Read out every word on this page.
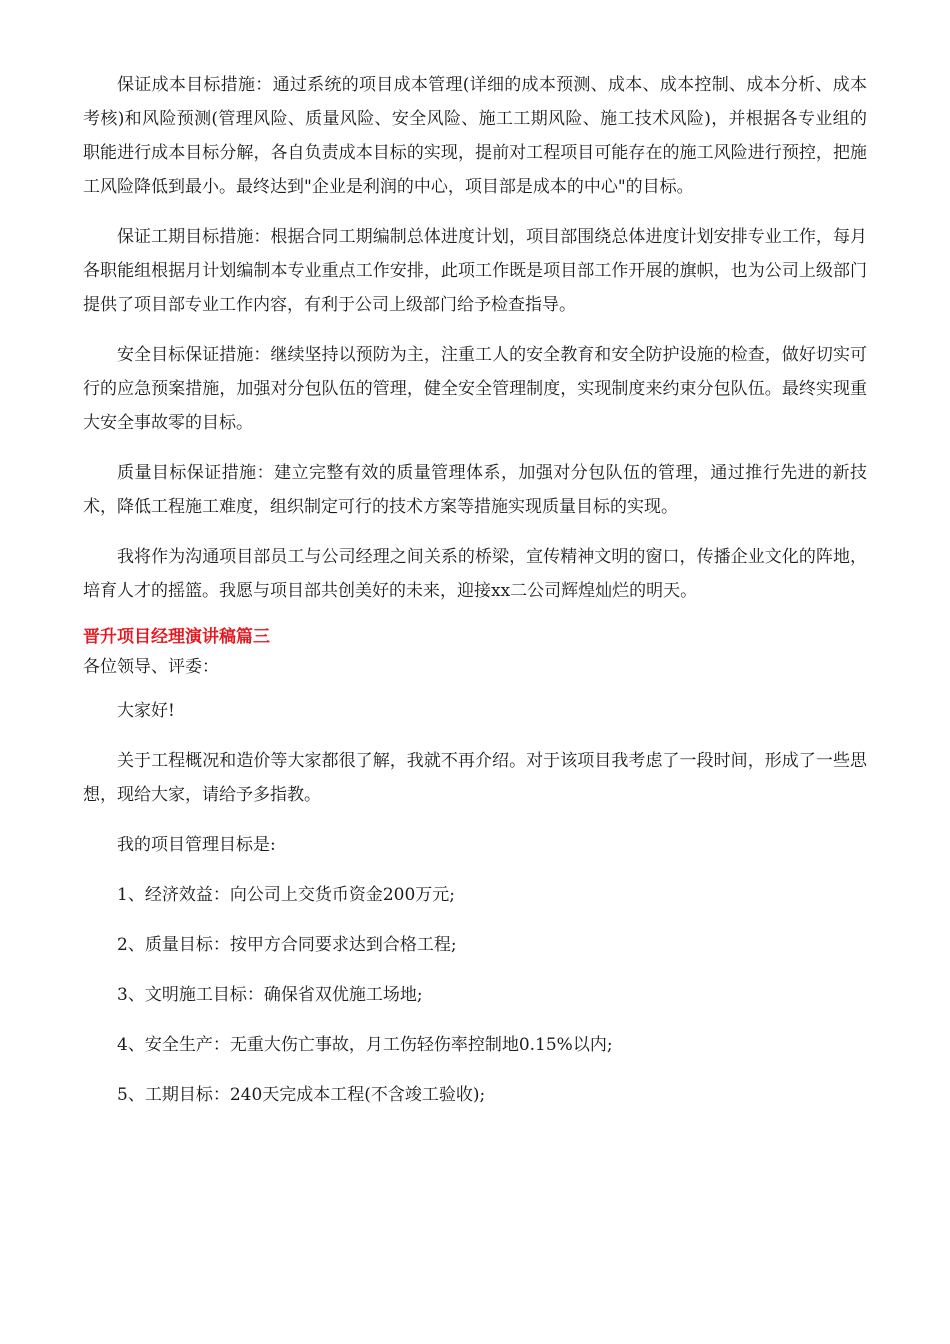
保证成本目标措施：通过系统的项目成本管理(详细的成本预测、成本、成本控制、成本分析、成本考核)和风险预测(管理风险、质量风险、安全风险、施工工期风险、施工技术风险)，并根据各专业组的职能进行成本目标分解，各自负责成本目标的实现，提前对工程项目可能存在的施工风险进行预控，把施工风险降低到最小。最终达到"企业是利润的中心，项目部是成本的中心"的目标。

保证工期目标措施：根据合同工期编制总体进度计划，项目部围绕总体进度计划安排专业工作，每月各职能组根据月计划编制本专业重点工作安排，此项工作既是项目部工作开展的旗帜，也为公司上级部门提供了项目部专业工作内容，有利于公司上级部门给予检查指导。

安全目标保证措施：继续坚持以预防为主，注重工人的安全教育和安全防护设施的检查，做好切实可行的应急预案措施，加强对分包队伍的管理，健全安全管理制度，实现制度来约束分包队伍。最终实现重大安全事故零的目标。

质量目标保证措施：建立完整有效的质量管理体系，加强对分包队伍的管理，通过推行先进的新技术，降低工程施工难度，组织制定可行的技术方案等措施实现质量目标的实现。

我将作为沟通项目部员工与公司经理之间关系的桥梁，宣传精神文明的窗口，传播企业文化的阵地，培育人才的摇篮。我愿与项目部共创美好的未来，迎接xx二公司辉煌灿烂的明天。

晋升项目经理演讲稿篇三

各位领导、评委：

大家好!

关于工程概况和造价等大家都很了解，我就不再介绍。对于该项目我考虑了一段时间，形成了一些思想，现给大家，请给予多指教。

我的项目管理目标是:

1、经济效益：向公司上交货币资金200万元;

2、质量目标：按甲方合同要求达到合格工程;

3、文明施工目标：确保省双优施工场地;

4、安全生产：无重大伤亡事故，月工伤轻伤率控制地0.15%以内;

5、工期目标：240天完成本工程(不含竣工验收);
